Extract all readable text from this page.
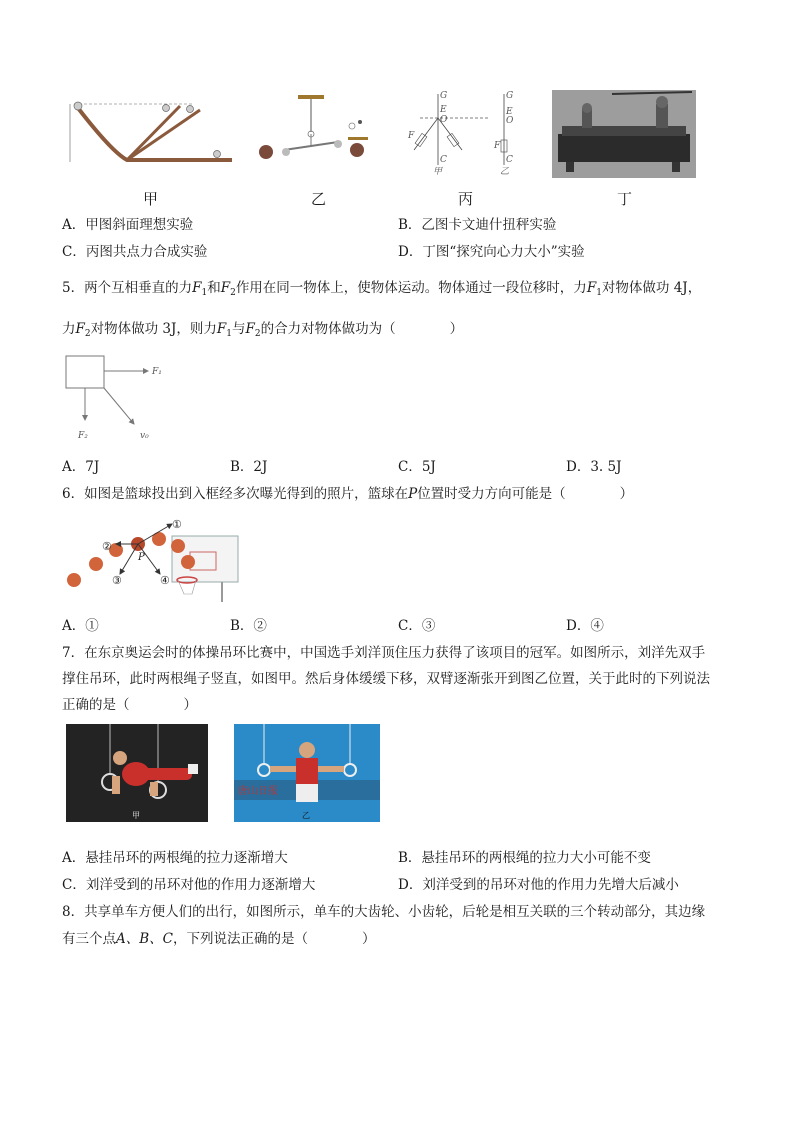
甲	乙
G
E
O
F
C
甲
G
E
O
F
C
乙
丙	丁
A．甲图斜面理想实验	B．乙图卡文迪什扭秤实验
C．丙图共点力合成实验	D．丁图“探究向心力大小”实验
5．两个互相垂直的力$F_1$和$F_2$作用在同一物体上，使物体运动。物体通过一段位移时，力$F_1$对物体做功 4J，
力$F_2$对物体做功 3J，则力$F_1$与$F_2$的合力对物体做功为（　　　　）
F₁
F₂	v₀
A．7J	B．2J	C．5J	D．3. 5J
6．如图是篮球投出到入框经多次曝光得到的照片，篮球在P位置时受力方向可能是（　　　　）
①
②
③	④
P
A．①	B．②	C．③	D．④
7．在东京奥运会时的体操吊环比赛中，中国选手刘洋顶住压力获得了该项目的冠军。如图所示，刘洋先双手
撑住吊环，此时两根绳子竖直，如图甲。然后身体缓缓下移，双臂逐渐张开到图乙位置，关于此时的下列说法
正确的是（　　　　）
甲
唐山日报
乙
A．悬挂吊环的两根绳的拉力逐渐增大	B．悬挂吊环的两根绳的拉力大小可能不变
C．刘洋受到的吊环对他的作用力逐渐增大	D．刘洋受到的吊环对他的作用力先增大后减小
8．共享单车方便人们的出行，如图所示，单车的大齿轮、小齿轮，后轮是相互关联的三个转动部分，其边缘
有三个点A、B、C，下列说法正确的是（　　　　）
